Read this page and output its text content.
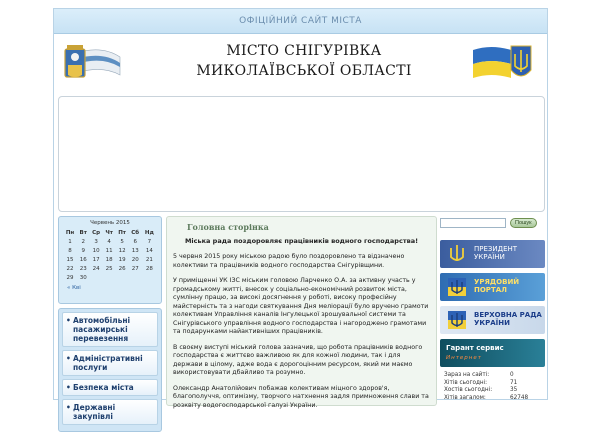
ОФІЦІЙНИЙ САЙТ МІСТА
МІСТО СНІГУРІВКА
МИКОЛАЇВСЬКОЇ ОБЛАСТІ
Червень 2015
Пн	Вт	Ср	Чт	Пт	Сб	Нд
1	2	3	4	5	6	7
8	9	10	11	12	13	14
15	16	17	18	19	20	21
22	23	24	25	26	27	28
29	30					
« Кві
• Автомобільні пасажирські перевезення
• Адміністративні послуги
• Безпека міста
• Державні закупівлі
Головна сторінка
Міська рада поздоровляє працівників водного господарства!

5 червня 2015 року міською радою було поздоровлено та відзначено колективи та працівників водного господарства Снігурівщини.

У приміщенні УК ІЗС міським головою Ларченко О.А. за активну участь у громадському житті, внесок у соціально-економічний розвиток міста, сумлінну працю, за високі досягнення у роботі, високу професійну майстерність та з нагоди святкування Дня меліорації було вручено грамоти колективам Управління каналів Інгулецької зрошувальної системи та Снігурівського управління водного господарства і нагороджено грамотами та подарунками найактивніших працівників.

В своєму виступі міський голова зазначив, що робота працівників водного господарства є життєво важливою як для кожної людини, так і для держави в цілому, адже вода є дорогоцінним ресурсом, який ми маємо використовувати дбайливо та розумно.

Олександр Анатолійович побажав колективам міцного здоров'я, благополуччя, оптимізму, творчого натхнення задля примноження слави та розквіту водогосподарської галузі України.

Пошук
ПРЕЗИДЕНТ УКРАЇНИ
УРЯДОВИЙ ПОРТАЛ
ВЕРХОВНА РАДА УКРАЇНИ
Гарант сервис
Интернет
Зараз на сайті:	0
Хітів сьогодні:	71
Хостів сьогодні:	35
Хітів загалом:	62748
